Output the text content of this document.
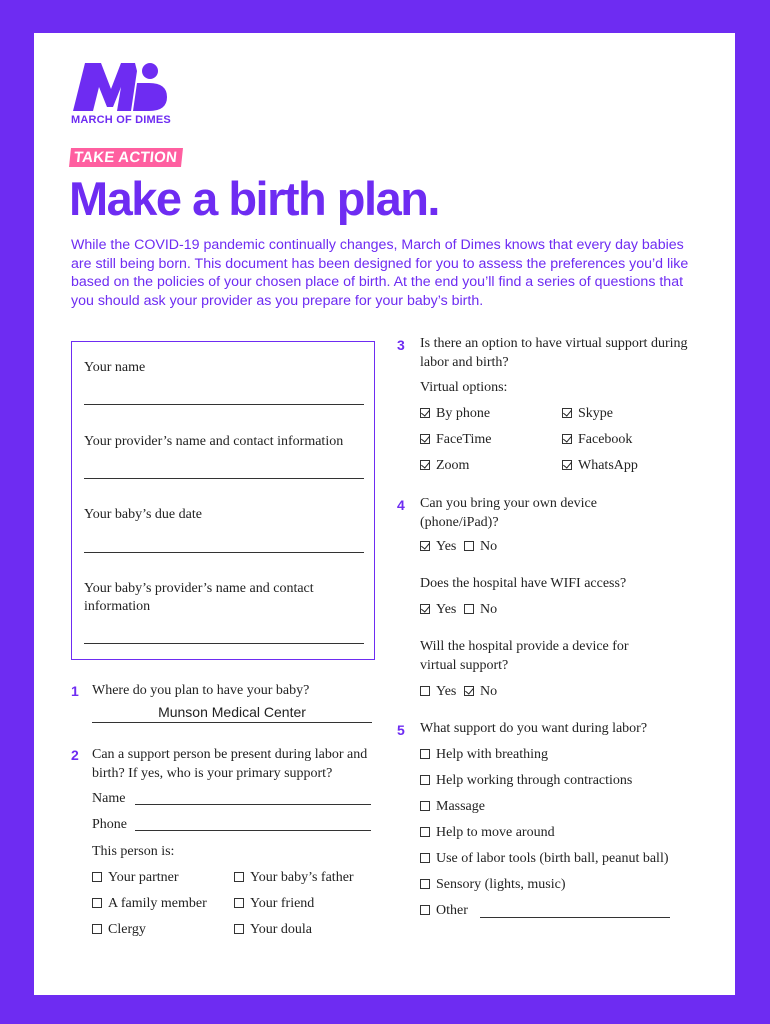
MARCH OF DIMES
TAKE ACTION
Make a birth plan.
While the COVID-19 pandemic continually changes, March of Dimes knows that every day babies are still being born. This document has been designed for you to assess the preferences you’d like based on the policies of your chosen place of birth. At the end you’ll find a series of questions that you should ask your provider as you prepare for your baby’s birth.
Your name
Your provider’s name and contact information
Your baby’s due date
Your baby’s provider’s name and contact information
1 Where do you plan to have your baby?
Munson Medical Center
2 Can a support person be present during labor and birth? If yes, who is your primary support?
Name
Phone
This person is:
Your partner	Your baby’s father
A family member	Your friend
Clergy	Your doula
3 Is there an option to have virtual support during labor and birth?
Virtual options:
By phone	Skype
FaceTime	Facebook
Zoom	WhatsApp
4 Can you bring your own device (phone/iPad)?
Yes	No
Does the hospital have WIFI access?
Yes	No
Will the hospital provide a device for virtual support?
Yes	No
5 What support do you want during labor?
Help with breathing
Help working through contractions
Massage
Help to move around
Use of labor tools (birth ball, peanut ball)
Sensory (lights, music)
Other
